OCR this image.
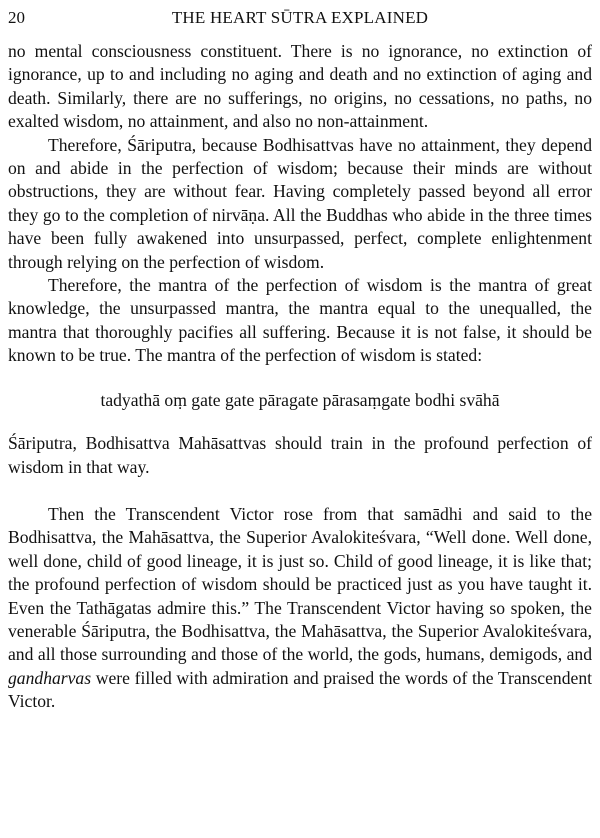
20	THE HEART SŪTRA EXPLAINED

no mental consciousness constituent. There is no ignorance, no extinction of ignorance, up to and including no aging and death and no extinction of aging and death. Similarly, there are no sufferings, no origins, no cessations, no paths, no exalted wisdom, no attainment, and also no non-attainment.

Therefore, Śāriputra, because Bodhisattvas have no attainment, they depend on and abide in the perfection of wisdom; because their minds are without obstructions, they are without fear. Having completely passed beyond all error they go to the completion of nirvāṇa. All the Buddhas who abide in the three times have been fully awakened into unsurpassed, perfect, complete enlightenment through relying on the perfection of wisdom.

Therefore, the mantra of the perfection of wisdom is the mantra of great knowledge, the unsurpassed mantra, the mantra equal to the unequalled, the mantra that thoroughly pacifies all suffering. Because it is not false, it should be known to be true. The mantra of the perfection of wisdom is stated:

tadyathā oṃ gate gate pāragate pārasaṃgate bodhi svāhā

Śāriputra, Bodhisattva Mahāsattvas should train in the profound perfection of wisdom in that way.

Then the Transcendent Victor rose from that samādhi and said to the Bodhisattva, the Mahāsattva, the Superior Avalokiteśvara, “Well done. Well done, well done, child of good lineage, it is just so. Child of good lineage, it is like that; the profound perfection of wisdom should be practiced just as you have taught it. Even the Tathāgatas admire this.” The Transcendent Victor having so spoken, the venerable Śāriputra, the Bodhisattva, the Mahāsattva, the Superior Avalokiteśvara, and all those surrounding and those of the world, the gods, humans, demigods, and gandharvas were filled with admiration and praised the words of the Transcendent Victor.
